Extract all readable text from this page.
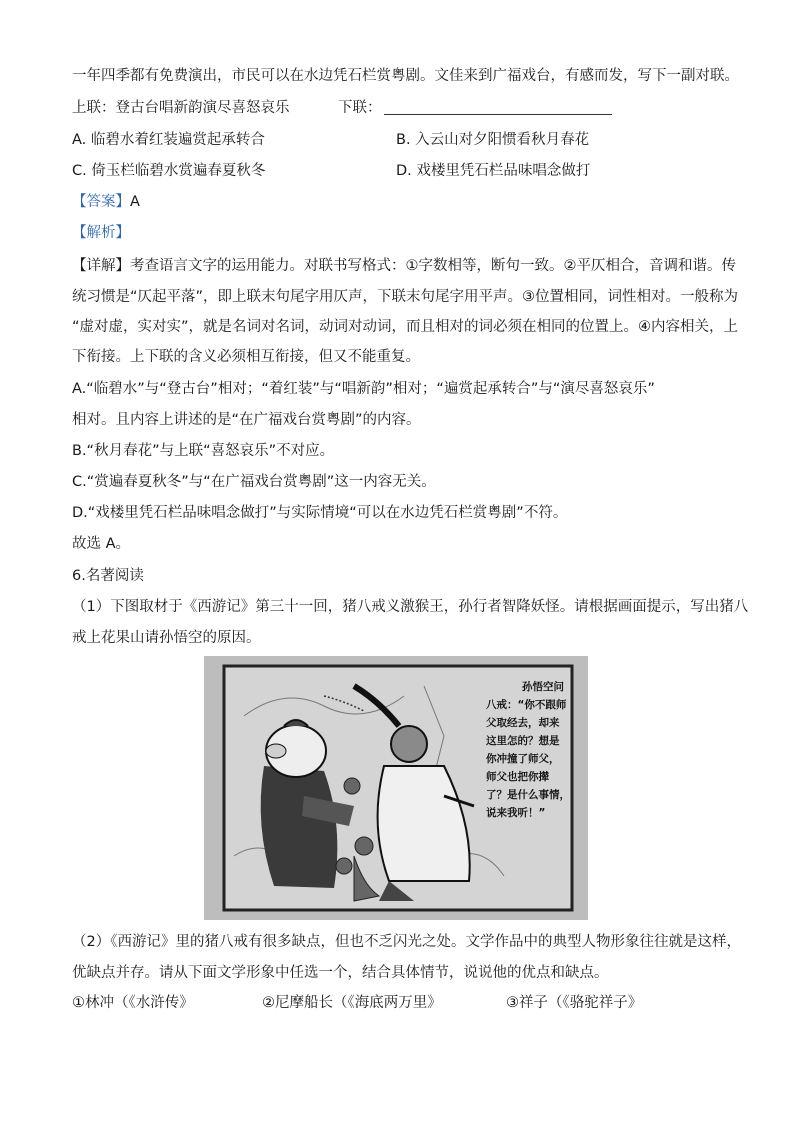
一年四季都有免费演出，市民可以在水边凭石栏赏粤剧。文佳来到广福戏台，有感而发，写下一副对联。
上联：登古台唱新韵演尽喜怒哀乐	下联：
A. 临碧水着红装遍赏起承转合	B. 入云山对夕阳惯看秋月春花
C. 倚玉栏临碧水赏遍春夏秋冬	D. 戏楼里凭石栏品味唱念做打
【答案】A
【解析】
【详解】考查语言文字的运用能力。对联书写格式：①字数相等，断句一致。②平仄相合，音调和谐。传
统习惯是“仄起平落”，即上联末句尾字用仄声，下联末句尾字用平声。③位置相同，词性相对。一般称为
“虚对虚，实对实”，就是名词对名词，动词对动词，而且相对的词必须在相同的位置上。④内容相关，上
下衔接。上下联的含义必须相互衔接，但又不能重复。
A.“临碧水”与“登古台”相对；“着红装”与“唱新韵”相对；“遍赏起承转合”与“演尽喜怒哀乐”
相对。且内容上讲述的是“在广福戏台赏粤剧”的内容。
B.“秋月春花”与上联“喜怒哀乐”不对应。
C.“赏遍春夏秋冬”与“在广福戏台赏粤剧”这一内容无关。
D.“戏楼里凭石栏品味唱念做打”与实际情境“可以在水边凭石栏赏粤剧”不符。
故选 A。
6.名著阅读
（1）下图取材于《西游记》第三十一回，猪八戒义激猴王，孙行者智降妖怪。请根据画面提示，写出猪八
戒上花果山请孙悟空的原因。
孙悟空问
八戒：“你不跟师
父取经去，却来
这里怎的？想是
你冲撞了师父，
师父也把你撵
了？是什么事情，
说来我听！”
（2）《西游记》里的猪八戒有很多缺点，但也不乏闪光之处。文学作品中的典型人物形象往往就是这样，
优缺点并存。请从下面文学形象中任选一个，结合具体情节，说说他的优点和缺点。
①林冲（《水浒传》	②尼摩船长（《海底两万里》	③祥子（《骆驼祥子》
